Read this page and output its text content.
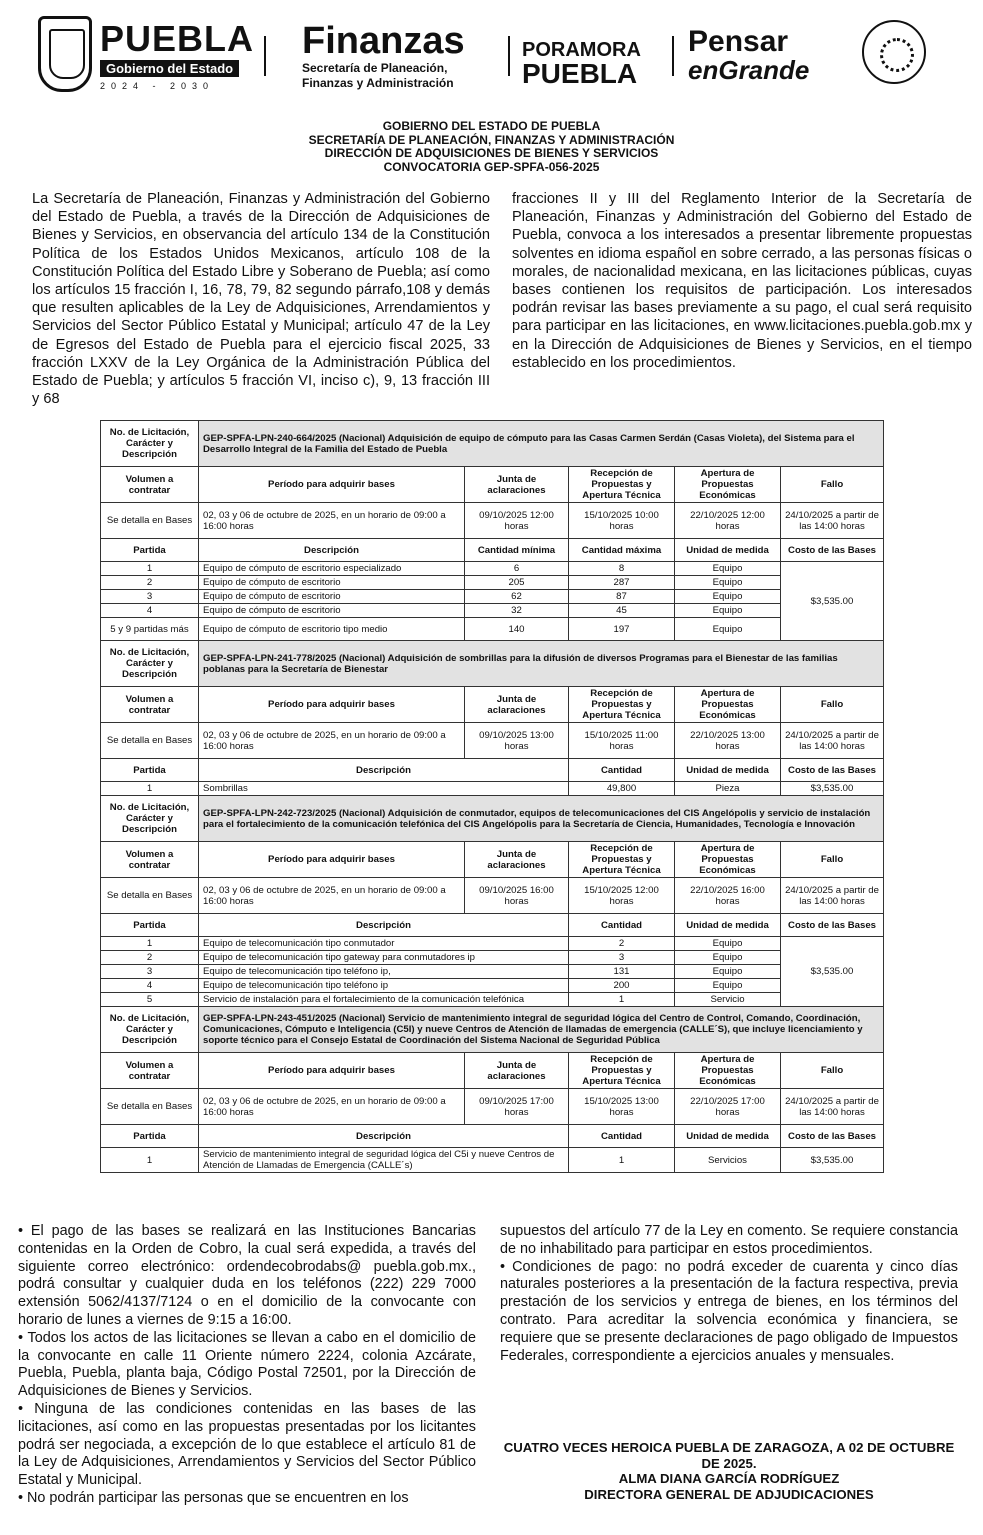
PUEBLA
Gobierno del Estado
2024 - 2030
Finanzas
Secretaría de Planeación,
Finanzas y Administración
PORAMORA
PUEBLA
Pensar
enGrande
GOBIERNO DEL ESTADO DE PUEBLA
SECRETARÍA DE PLANEACIÓN, FINANZAS Y ADMINISTRACIÓN
DIRECCIÓN DE ADQUISICIONES DE BIENES Y SERVICIOS
CONVOCATORIA GEP-SPFA-056-2025
La Secretaría de Planeación, Finanzas y Administración del Gobierno del Estado de Puebla, a través de la Dirección de Adquisiciones de Bienes y Servicios, en observancia del artículo 134 de la Constitución Política de los Estados Unidos Mexicanos, artículo 108 de la Constitución Política del Estado Libre y Soberano de Puebla; así como los artículos 15 fracción I, 16, 78, 79, 82 segundo párrafo,108 y demás que resulten aplicables de la Ley de Adquisiciones, Arrendamientos y Servicios del Sector Público Estatal y Municipal; artículo 47 de la Ley de Egresos del Estado de Puebla para el ejercicio fiscal 2025, 33 fracción LXXV de la Ley Orgánica de la Administración Pública del Estado de Puebla; y artículos 5 fracción VI, inciso c), 9, 13 fracción III y 68
fracciones II y III del Reglamento Interior de la Secretaría de Planeación, Finanzas y Administración del Gobierno del Estado de Puebla, convoca a los interesados a presentar libremente propuestas solventes en idioma español en sobre cerrado, a las personas físicas o morales, de nacionalidad mexicana, en las licitaciones públicas, cuyas bases contienen los requisitos de participación. Los interesados podrán revisar las bases previamente a su pago, el cual será requisito para participar en las licitaciones, en www.licitaciones.puebla.gob.mx y en la Dirección de Adquisiciones de Bienes y Servicios, en el tiempo establecido en los procedimientos.
No. de Licitación, Carácter y Descripción	GEP-SPFA-LPN-240-664/2025 (Nacional) Adquisición de equipo de cómputo para las Casas Carmen Serdán (Casas Violeta), del Sistema para el Desarrollo Integral de la Familia del Estado de Puebla				
Volumen a contratar	Período para adquirir bases	Junta de aclaraciones	Recepción de Propuestas y Apertura Técnica	Apertura de Propuestas Económicas	Fallo
Se detalla en Bases	02, 03 y 06 de octubre de 2025, en un horario de 09:00 a 16:00 horas	09/10/2025 12:00 horas	15/10/2025 10:00 horas	22/10/2025 12:00 horas	24/10/2025 a partir de las 14:00 horas
Partida	Descripción	Cantidad mínima	Cantidad máxima	Unidad de medida	Costo de las Bases
1	Equipo de cómputo de escritorio especializado	6	8	Equipo	$3,535.00
2	Equipo de cómputo de escritorio	205	287	Equipo	
3	Equipo de cómputo de escritorio	62	87	Equipo	
4	Equipo de cómputo de escritorio	32	45	Equipo	
5 y 9 partidas más	Equipo de cómputo de escritorio tipo medio	140	197	Equipo	
No. de Licitación, Carácter y Descripción	GEP-SPFA-LPN-241-778/2025 (Nacional) Adquisición de sombrillas para la difusión de diversos Programas para el Bienestar de las familias poblanas para la Secretaría de Bienestar				
Volumen a contratar	Período para adquirir bases	Junta de aclaraciones	Recepción de Propuestas y Apertura Técnica	Apertura de Propuestas Económicas	Fallo
Se detalla en Bases	02, 03 y 06 de octubre de 2025, en un horario de 09:00 a 16:00 horas	09/10/2025 13:00 horas	15/10/2025 11:00 horas	22/10/2025 13:00 horas	24/10/2025 a partir de las 14:00 horas
Partida	Descripción		Cantidad	Unidad de medida	Costo de las Bases
1	Sombrillas		49,800	Pieza	$3,535.00
No. de Licitación, Carácter y Descripción	GEP-SPFA-LPN-242-723/2025 (Nacional) Adquisición de conmutador, equipos de telecomunicaciones del CIS Angelópolis y servicio de instalación para el fortalecimiento de la comunicación telefónica del CIS Angelópolis para la Secretaría de Ciencia, Humanidades, Tecnología e Innovación				
Volumen a contratar	Período para adquirir bases	Junta de aclaraciones	Recepción de Propuestas y Apertura Técnica	Apertura de Propuestas Económicas	Fallo
Se detalla en Bases	02, 03 y 06 de octubre de 2025, en un horario de 09:00 a 16:00 horas	09/10/2025 16:00 horas	15/10/2025 12:00 horas	22/10/2025 16:00 horas	24/10/2025 a partir de las 14:00 horas
Partida	Descripción		Cantidad	Unidad de medida	Costo de las Bases
1	Equipo de telecomunicación tipo conmutador		2	Equipo	$3,535.00
2	Equipo de telecomunicación tipo gateway para conmutadores ip		3	Equipo	
3	Equipo de telecomunicación tipo teléfono ip,		131	Equipo	
4	Equipo de telecomunicación tipo teléfono ip		200	Equipo	
5	Servicio de instalación para el fortalecimiento de la comunicación telefónica		1	Servicio	
No. de Licitación, Carácter y Descripción	GEP-SPFA-LPN-243-451/2025 (Nacional) Servicio de mantenimiento integral de seguridad lógica del Centro de Control, Comando, Coordinación, Comunicaciones, Cómputo e Inteligencia (C5I) y nueve Centros de Atención de llamadas de emergencia (CALLE´S), que incluye licenciamiento y soporte técnico para el Consejo Estatal de Coordinación del Sistema Nacional de Seguridad Pública				
Volumen a contratar	Período para adquirir bases	Junta de aclaraciones	Recepción de Propuestas y Apertura Técnica	Apertura de Propuestas Económicas	Fallo
Se detalla en Bases	02, 03 y 06 de octubre de 2025, en un horario de 09:00 a 16:00 horas	09/10/2025 17:00 horas	15/10/2025 13:00 horas	22/10/2025 17:00 horas	24/10/2025 a partir de las 14:00 horas
Partida	Descripción		Cantidad	Unidad de medida	Costo de las Bases
1	Servicio de mantenimiento integral de seguridad lógica del C5i y nueve Centros de Atención de Llamadas de Emergencia (CALLE´s)		1	Servicios	$3,535.00

• El pago de las bases se realizará en las Instituciones Bancarias contenidas en la Orden de Cobro, la cual será expedida, a través del siguiente correo electrónico: ordendecobrodabs@ puebla.gob.mx., podrá consultar y cualquier duda en los teléfonos (222) 229 7000 extensión 5062/4137/7124 o en el domicilio de la convocante con horario de lunes a viernes de 9:15 a 16:00.

• Todos los actos de las licitaciones se llevan a cabo en el domicilio de la convocante en calle 11 Oriente número 2224, colonia Azcárate, Puebla, Puebla, planta baja, Código Postal 72501, por la Dirección de Adquisiciones de Bienes y Servicios.

• Ninguna de las condiciones contenidas en las bases de las licitaciones, así como en las propuestas presentadas por los licitantes podrá ser negociada, a excepción de lo que establece el artículo 81 de la Ley de Adquisiciones, Arrendamientos y Servicios del Sector Público Estatal y Municipal.

• No podrán participar las personas que se encuentren en los

supuestos del artículo 77 de la Ley en comento. Se requiere constancia de no inhabilitado para participar en estos procedimientos.

• Condiciones de pago: no podrá exceder de cuarenta y cinco días naturales posteriores a la presentación de la factura respectiva, previa prestación de los servicios y entrega de bienes, en los términos del contrato. Para acreditar la solvencia económica y financiera, se requiere que se presente declaraciones de pago obligado de Impuestos Federales, correspondiente a ejercicios anuales y mensuales.

CUATRO VECES HEROICA PUEBLA DE ZARAGOZA, A 02 DE OCTUBRE DE 2025.
ALMA DIANA GARCÍA RODRÍGUEZ
DIRECTORA GENERAL DE ADJUDICACIONES
